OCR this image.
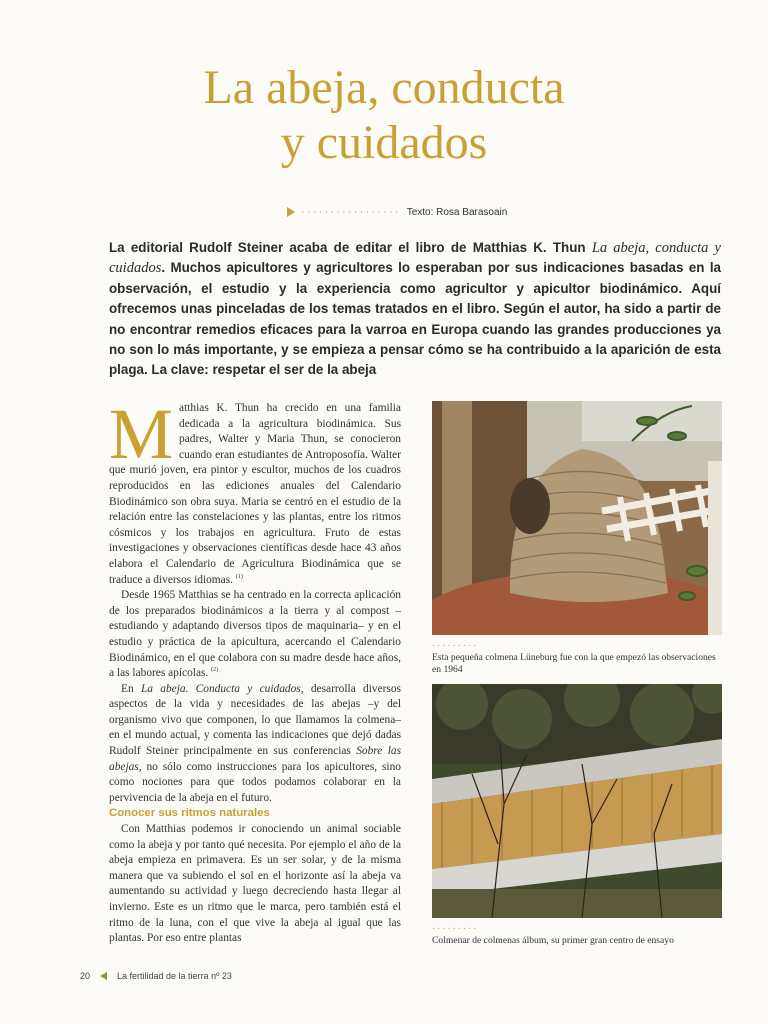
La abeja, conducta
y cuidados
················· Texto: Rosa Barasoain

La editorial Rudolf Steiner acaba de editar el libro de Matthias K. Thun La abeja, conducta y cuidados. Muchos apicultores y agricultores lo esperaban por sus indicaciones basadas en la observación, el estudio y la experiencia como agricultor y apicultor biodinámico. Aquí ofrecemos unas pinceladas de los temas tratados en el libro. Según el autor, ha sido a partir de no encontrar remedios eficaces para la varroa en Europa cuando las grandes producciones ya no son lo más importante, y se empieza a pensar cómo se ha contribuido a la aparición de esta plaga. La clave: respetar el ser de la abeja

Matthias K. Thun ha crecido en una familia dedicada a la agricultura biodinámica. Sus padres, Walter y Maria Thun, se conocieron cuando eran estudiantes de Antroposofía. Walter que murió joven, era pintor y escultor, muchos de los cuadros reproducidos en las ediciones anuales del Calendario Biodinámico son obra suya. Maria se centró en el estudio de la relación entre las constelaciones y las plantas, entre los ritmos cósmicos y los trabajos en agricultura. Fruto de estas investigaciones y observaciones científicas desde hace 43 años elabora el Calendario de Agricultura Biodinámica que se traduce a diversos idiomas. $^{(1)}$

Desde 1965 Matthias se ha centrado en la correcta aplicación de los preparados biodinámicos a la tierra y al compost –estudiando y adaptando diversos tipos de maquinaria– y en el estudio y práctica de la apicultura, acercando el Calendario Biodinámico, en el que colabora con su madre desde hace años, a las labores apícolas. $^{(2)}$

En La abeja. Conducta y cuidados, desarrolla diversos aspectos de la vida y necesidades de las abejas –y del organismo vivo que componen, lo que llamamos la colmena– en el mundo actual, y comenta las indicaciones que dejó dadas Rudolf Steiner principalmente en sus conferencias Sobre las abejas, no sólo como instrucciones para los apicultores, sino como nociones para que todos podamos colaborar en la pervivencia de la abeja en el futuro.

Conocer sus ritmos naturales

Con Matthias podemos ir conociendo un animal sociable como la abeja y por tanto qué necesita. Por ejemplo el año de la abeja empieza en primavera. Es un ser solar, y de la misma manera que va subiendo el sol en el horizonte así la abeja va aumentando su actividad y luego decreciendo hasta llegar al invierno. Este es un ritmo que le marca, pero también está el ritmo de la luna, con el que vive la abeja al igual que las plantas. Por eso entre plantas

·········
Esta pequeña colmena Lüneburg fue con la que empezó las observaciones en 1964
·········
Colmenar de colmenas álbum, su primer gran centro de ensayo
20	La fertilidad de la tierra nº 23
